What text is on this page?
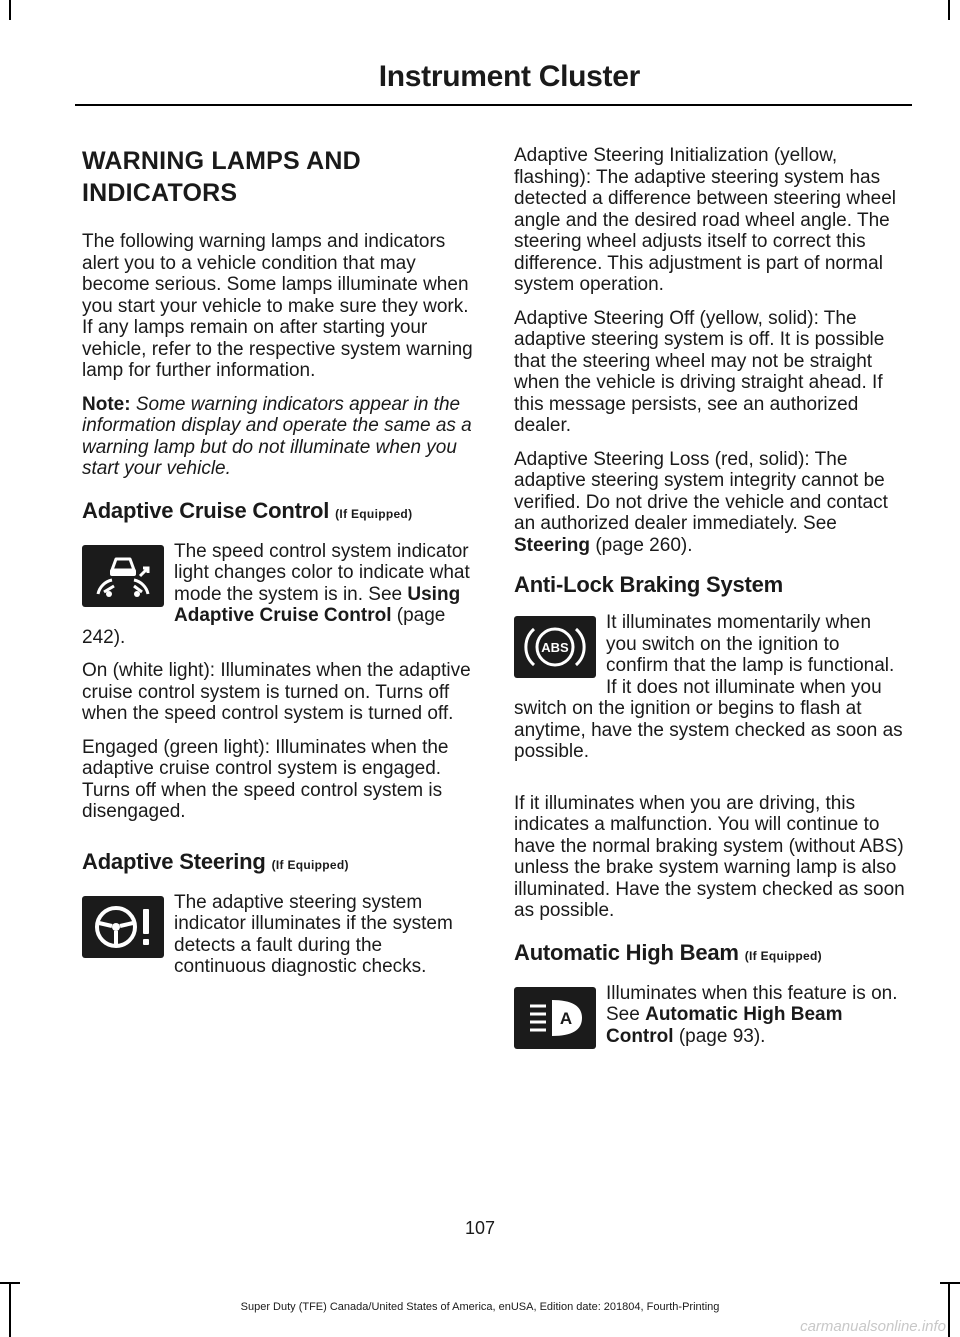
Instrument Cluster
WARNING LAMPS AND INDICATORS

The following warning lamps and indicators alert you to a vehicle condition that may become serious. Some lamps illuminate when you start your vehicle to make sure they work. If any lamps remain on after starting your vehicle, refer to the respective system warning lamp for further information.

Note: Some warning indicators appear in the information display and operate the same as a warning lamp but do not illuminate when you start your vehicle.

Adaptive Cruise Control (If Equipped)

The speed control system indicator light changes color to indicate what mode the system is in. See Using Adaptive Cruise Control (page 242).

On (white light): Illuminates when the adaptive cruise control system is turned on. Turns off when the speed control system is turned off.

Engaged (green light): Illuminates when the adaptive cruise control system is engaged. Turns off when the speed control system is disengaged.

Adaptive Steering (If Equipped)

The adaptive steering system indicator illuminates if the system detects a fault during the continuous diagnostic checks.

Adaptive Steering Initialization (yellow, flashing): The adaptive steering system has detected a difference between steering wheel angle and the desired road wheel angle. The steering wheel adjusts itself to correct this difference. This adjustment is part of normal system operation.

Adaptive Steering Off (yellow, solid): The adaptive steering system is off. It is possible that the steering wheel may not be straight when the vehicle is driving straight ahead. If this message persists, see an authorized dealer.

Adaptive Steering Loss (red, solid): The adaptive steering system integrity cannot be verified. Do not drive the vehicle and contact an authorized dealer immediately. See Steering (page 260).

Anti-Lock Braking System
ABS

It illuminates momentarily when you switch on the ignition to confirm that the lamp is functional. If it does not illuminate when you switch on the ignition or begins to flash at anytime, have the system checked as soon as possible.

If it illuminates when you are driving, this indicates a malfunction. You will continue to have the normal braking system (without ABS) unless the brake system warning lamp is also illuminated. Have the system checked as soon as possible.

Automatic High Beam (If Equipped)
A

Illuminates when this feature is on. See Automatic High Beam Control (page 93).

107
Super Duty (TFE) Canada/United States of America, enUSA, Edition date: 201804, Fourth-Printing
carmanualsonline.info
